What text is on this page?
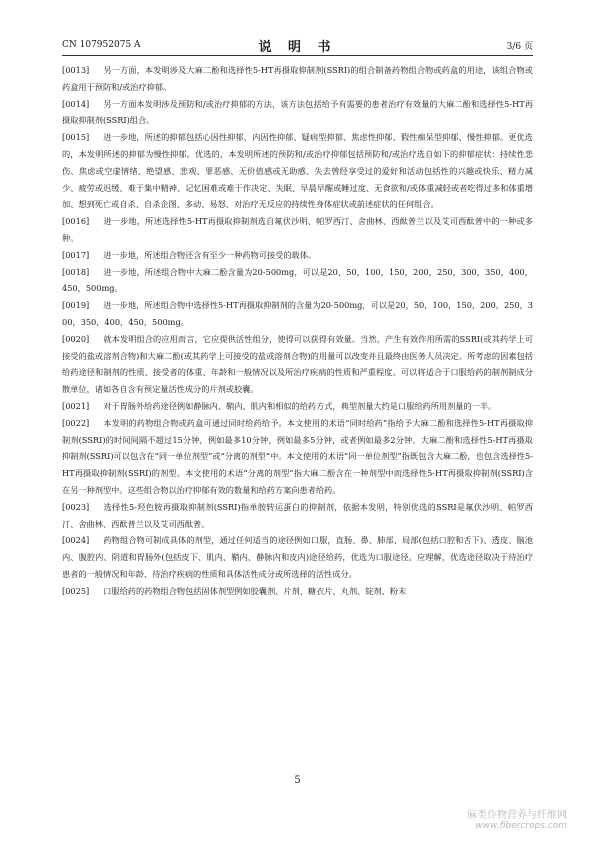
CN 107952075 A	说 明 书	3/6 页

[0013] 另一方面，本发明涉及大麻二酚和选择性5-HT再摄取抑制剂(SSRI)的组合制备药物组合物或药盒的用途，该组合物或药盒用于预防和/或治疗抑郁。

[0014] 另一方面本发明涉及预防和/或治疗抑郁的方法，该方法包括给予有需要的患者治疗有效量的大麻二酚和选择性5-HT再摄取抑制剂(SSRI)组合。

[0015] 进一步地，所述的抑郁包括心因性抑郁、内因性抑郁、疑病型抑郁、焦虑性抑郁、假性痴呆型抑郁、慢性抑郁。更优选的，本发明所述的抑郁为慢性抑郁。优选的，本发明所述的预防和/或治疗抑郁包括预防和/或治疗选自如下的抑郁症状：持续性悲伤、焦虑或空虚情绪、绝望感、悲观、罪恶感、无价值感或无助感、失去曾经享受过的爱好和活动包括性的兴趣或快乐、精力减少、疲劳或迟缓、难于集中精神、记忆困难或难于作决定、失眠、早晨早醒或睡过度、无食欲和/或体重减轻或者吃得过多和体重增加、想到死亡或自杀、自杀企图、多动、易怒、对治疗无反应的持续性身体症状或前述症状的任何组合。

[0016] 进一步地，所述选择性5-HT再摄取抑制剂选自氟伏沙明、帕罗西汀、舍曲林、西酞普兰以及艾司西酞普中的一种或多种。

[0017] 进一步地，所述组合物还含有至少一种药物可接受的载体。

[0018] 进一步地，所述组合物中大麻二酚含量为20-500mg，可以是20，50，100，150，200，250，300，350，400，450，500mg。

[0019] 进一步地，所述组合物中选择性5-HT再摄取抑制剂的含量为20-500mg，可以是20，50，100，150，200，250，300，350，400，450，500mg。

[0020] 就本发明组合的应用而言，它应提供活性组分，使得可以获得有效量。当然，产生有效作用所需的SSRI(或其药学上可接受的盐或溶剂合物)和大麻二酚(或其药学上可接受的盐或溶剂合物)的用量可以改变并且最终由医务人员决定。所考虑的因素包括给药途径和制剂的性质、接受者的体重、年龄和一般情况以及所治疗疾病的性质和严重程度。可以将适合于口服给药的制剂制成分散单位，诸如各自含有预定量活性成分的片剂或胶囊。

[0021] 对于胃肠外给药途径例如静脉内、鞘内、肌内和相似的给药方式，典型剂量大约是口服给药所用剂量的一半。

[0022] 本发明的药物组合物或药盒可通过同时给药给予。本文使用的术语“同时给药”指给予大麻二酚和选择性5-HT再摄取抑制剂(SSRI)的时间间隔不超过15分钟，例如最多10分钟，例如最多5分钟，或者例如最多2分钟。大麻二酚和选择性5-HT再摄取抑制剂(SSRI)可以包含在“同一单位剂型”或“分离的剂型”中。本文使用的术语“同一单位剂型”指既包含大麻二酚，也包含选择性5-HT再摄取抑制剂(SSRI)的剂型。本文使用的术语“分离的剂型”指大麻二酚含在一种剂型中而选择性5-HT再摄取抑制剂(SSRI)含在另一种剂型中。这些组合物以治疗抑郁有效的数量和给药方案向患者给药。

[0023] 选择性5-羟色胺再摄取抑制剂(SSRI)指单胺转运蛋白的抑制剂，依据本发明，特别优选的SSRI是氟伏沙明、帕罗西汀、舍曲林、西酞普兰以及艾司西酞普。

[0024] 药物组合物可制成具体的剂型，通过任何适当的途径例如口服，直肠、鼻、肺部、局部(包括口腔和舌下)、透皮、脑池内、腹腔内、阴道和胃肠外(包括皮下、肌内、鞘内、静脉内和皮内)途径给药，优选为口服途径。应理解，优选途径取决于待治疗患者的一般情况和年龄、待治疗疾病的性质和具体活性成分或所选择的活性成分。

[0025] 口服给药的药物组合物包括固体剂型例如胶囊剂、片剂、糖衣片、丸剂、锭剂、粉末

5
麻类作物营养与纤维网
www.fibercrops.com
